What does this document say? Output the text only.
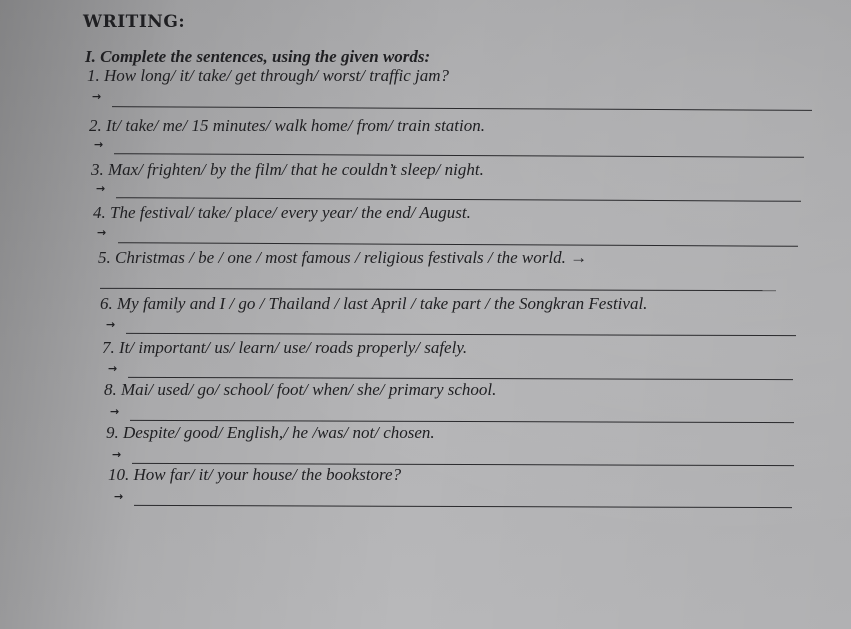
WRITING:
I. Complete the sentences, using the given words:
1. How long/ it/ take/ get through/ worst/ traffic jam?
→
2. It/ take/ me/ 15 minutes/ walk home/ from/ train station.
→
3. Max/ frighten/ by the film/ that he couldn’t sleep/ night.
→
4. The festival/ take/ place/ every year/ the end/ August.
→
5. Christmas / be / one / most famous / religious festivals / the world. →
6. My family and I / go / Thailand / last April / take part / the Songkran Festival.
→
7. It/ important/ us/ learn/ use/ roads properly/ safely.
→
8. Mai/ used/ go/ school/ foot/ when/ she/ primary school.
→
9. Despite/ good/ English,/ he /was/ not/ chosen.
→
10. How far/ it/ your house/ the bookstore?
→
